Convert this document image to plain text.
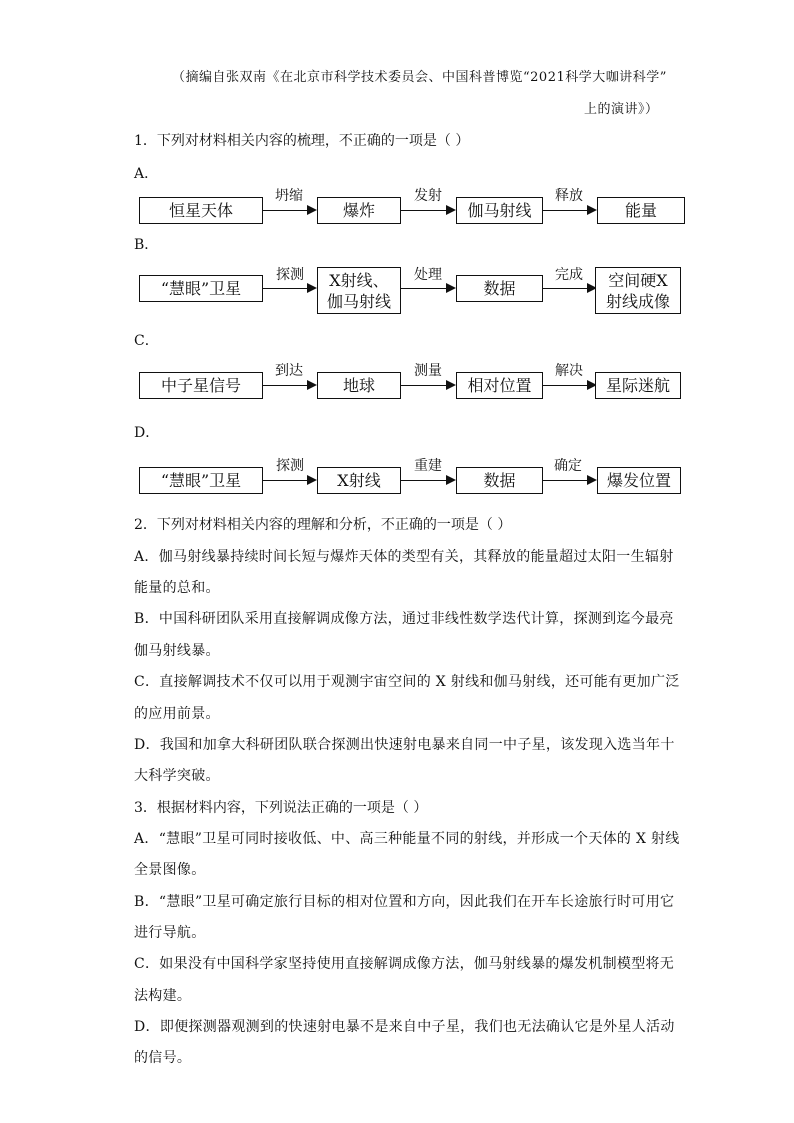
（摘编自张双南《在北京市科学技术委员会、中国科普博览“2021科学大咖讲科学”
上的演讲》）
1．下列对材料相关内容的梳理，不正确的一项是（ ）
A．
恒星天体
坍缩
爆炸
发射
伽马射线
释放
能量
B．
“慧眼”卫星
探测	X射线、
伽马射线
处理
数据
完成	空间硬X
射线成像
C．
中子星信号
到达
地球
测量
相对位置
解决
星际迷航
D．
“慧眼”卫星
探测
X射线
重建
数据
确定
爆发位置
2．下列对材料相关内容的理解和分析，不正确的一项是（ ）
A．伽马射线暴持续时间长短与爆炸天体的类型有关，其释放的能量超过太阳一生辐射
能量的总和。
B．中国科研团队采用直接解调成像方法，通过非线性数学迭代计算，探测到迄今最亮
伽马射线暴。
C．直接解调技术不仅可以用于观测宇宙空间的 X 射线和伽马射线，还可能有更加广泛
的应用前景。
D．我国和加拿大科研团队联合探测出快速射电暴来自同一中子星，该发现入选当年十
大科学突破。
3．根据材料内容，下列说法正确的一项是（ ）
A．“慧眼”卫星可同时接收低、中、高三种能量不同的射线，并形成一个天体的 X 射线
全景图像。
B．“慧眼”卫星可确定旅行目标的相对位置和方向，因此我们在开车长途旅行时可用它
进行导航。
C．如果没有中国科学家坚持使用直接解调成像方法，伽马射线暴的爆发机制模型将无
法构建。
D．即便探测器观测到的快速射电暴不是来自中子星，我们也无法确认它是外星人活动
的信号。
